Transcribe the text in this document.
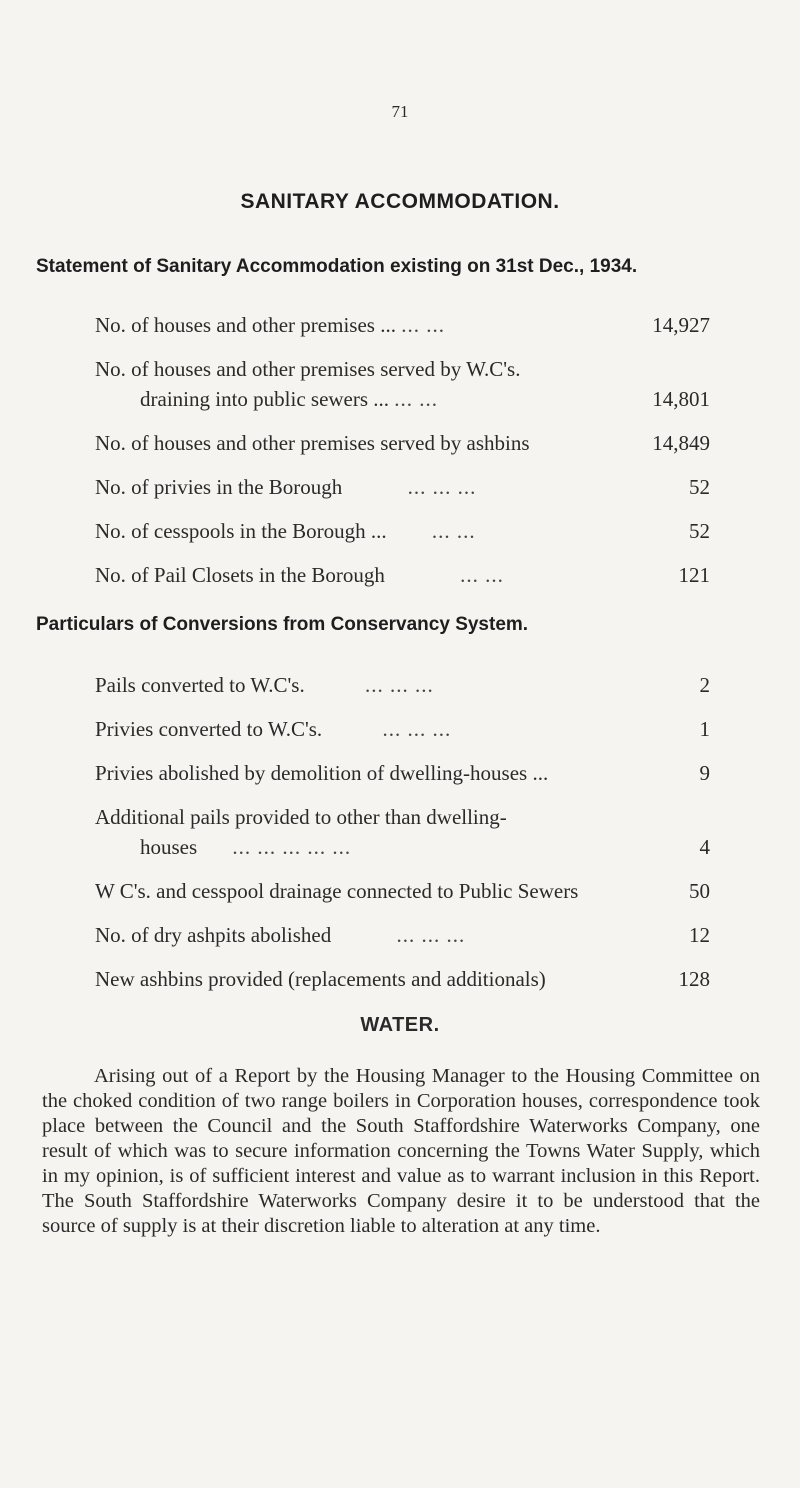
71
SANITARY ACCOMMODATION.
Statement of Sanitary Accommodation existing on 31st Dec., 1934.
No. of houses and other premises ... ... ...	14,927
No. of houses and other premises served by W.C's.
draining into public sewers ... ... ...	14,801
No. of houses and other premises served by ashbins	14,849
No. of privies in the Borough	... ... ...	52
No. of cesspools in the Borough ... ... ...	52
No. of Pail Closets in the Borough	... ...	121
Particulars of Conversions from Conservancy System.
Pails converted to W.C's.	... ... ...	2
Privies converted to W.C's.	... ... ...	1
Privies abolished by demolition of dwelling-houses ...	9
Additional pails provided to other than dwelling-
houses ... ... ... ... ...	4
W C's. and cesspool drainage connected to Public Sewers	50
No. of dry ashpits abolished	... ... ...	12
New ashbins provided (replacements and additionals)	128
WATER.
Arising out of a Report by the Housing Manager to the Housing Committee on the choked condition of two range boilers in Corporation houses, correspondence took place between the Council and the South Staffordshire Waterworks Company, one result of which was to secure information concerning the Towns Water Supply, which in my opinion, is of sufficient interest and value as to warrant inclusion in this Report. The South Staffordshire Waterworks Company desire it to be understood that the source of supply is at their discretion liable to alteration at any time.
